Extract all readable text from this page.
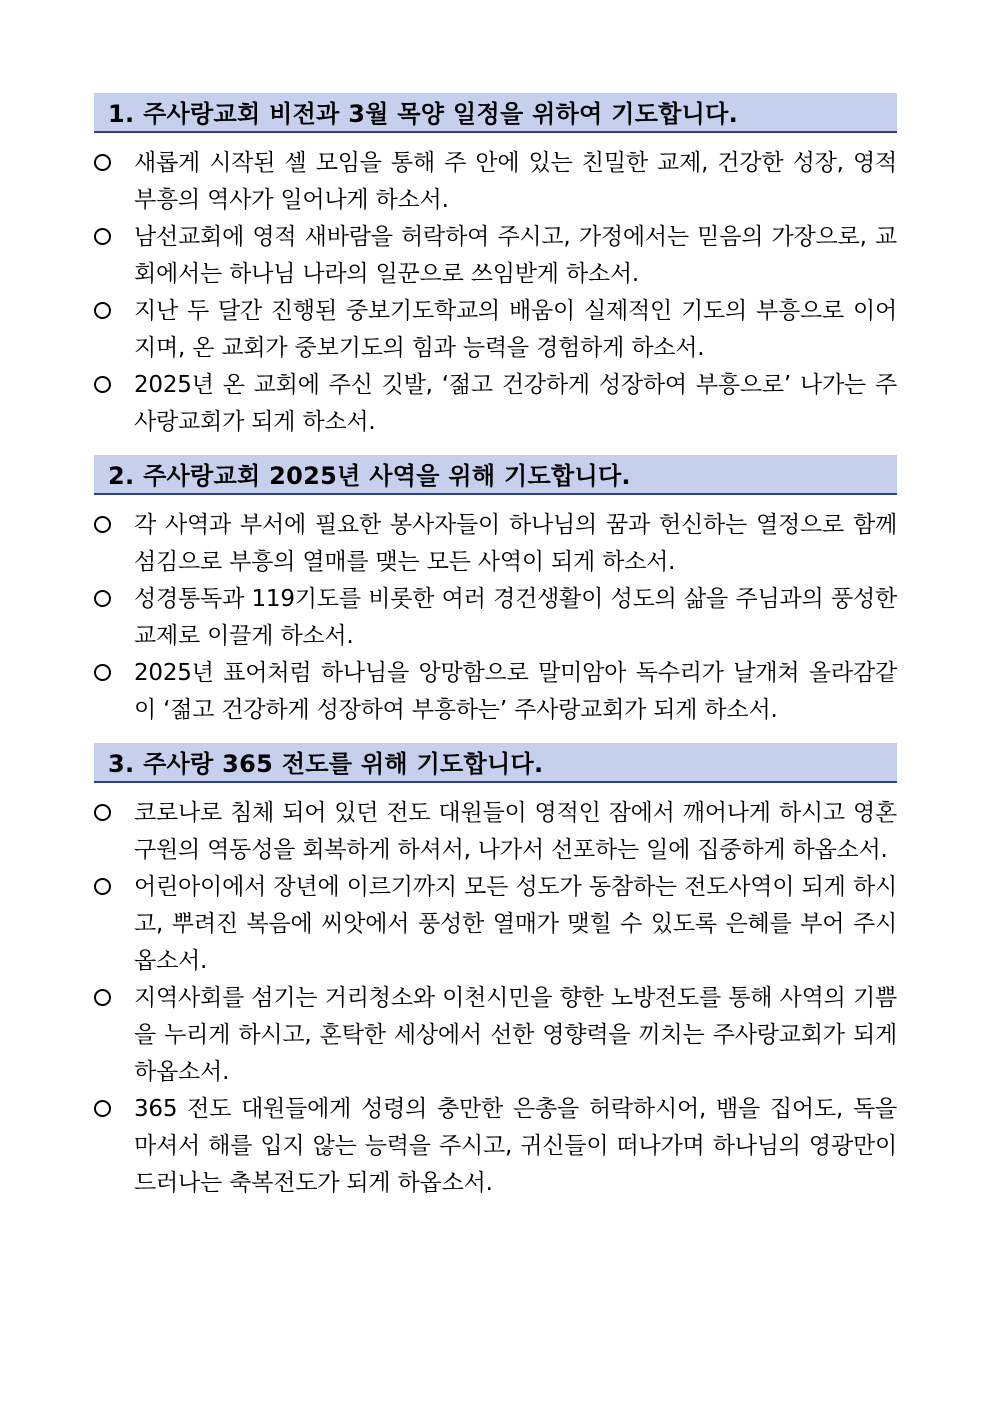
1. 주사랑교회 비전과 3월 목양 일정을 위하여 기도합니다.
새롭게 시작된 셀 모임을 통해 주 안에 있는 친밀한 교제, 건강한 성장, 영적 부흥의 역사가 일어나게 하소서.
남선교회에 영적 새바람을 허락하여 주시고, 가정에서는 믿음의 가장으로, 교회에서는 하나님 나라의 일꾼으로 쓰임받게 하소서.
지난 두 달간 진행된 중보기도학교의 배움이 실제적인 기도의 부흥으로 이어지며, 온 교회가 중보기도의 힘과 능력을 경험하게 하소서.
2025년 온 교회에 주신 깃발, ‘젊고 건강하게 성장하여 부흥으로’ 나가는 주사랑교회가 되게 하소서.
2. 주사랑교회 2025년 사역을 위해 기도합니다.
각 사역과 부서에 필요한 봉사자들이 하나님의 꿈과 헌신하는 열정으로 함께 섬김으로 부흥의 열매를 맺는 모든 사역이 되게 하소서.
성경통독과 119기도를 비롯한 여러 경건생활이 성도의 삶을 주님과의 풍성한 교제로 이끌게 하소서.
2025년 표어처럼 하나님을 앙망함으로 말미암아 독수리가 날개쳐 올라감같이 ‘젊고 건강하게 성장하여 부흥하는’ 주사랑교회가 되게 하소서.
3. 주사랑 365 전도를 위해 기도합니다.
코로나로 침체 되어 있던 전도 대원들이 영적인 잠에서 깨어나게 하시고 영혼 구원의 역동성을 회복하게 하셔서, 나가서 선포하는 일에 집중하게 하옵소서.
어린아이에서 장년에 이르기까지 모든 성도가 동참하는 전도사역이 되게 하시고, 뿌려진 복음에 씨앗에서 풍성한 열매가 맺힐 수 있도록 은혜를 부어 주시옵소서.
지역사회를 섬기는 거리청소와 이천시민을 향한 노방전도를 통해 사역의 기쁨을 누리게 하시고, 혼탁한 세상에서 선한 영향력을 끼치는 주사랑교회가 되게 하옵소서.
365 전도 대원들에게 성령의 충만한 은총을 허락하시어, 뱀을 집어도, 독을 마셔서 해를 입지 않는 능력을 주시고, 귀신들이 떠나가며 하나님의 영광만이 드러나는 축복전도가 되게 하옵소서.
